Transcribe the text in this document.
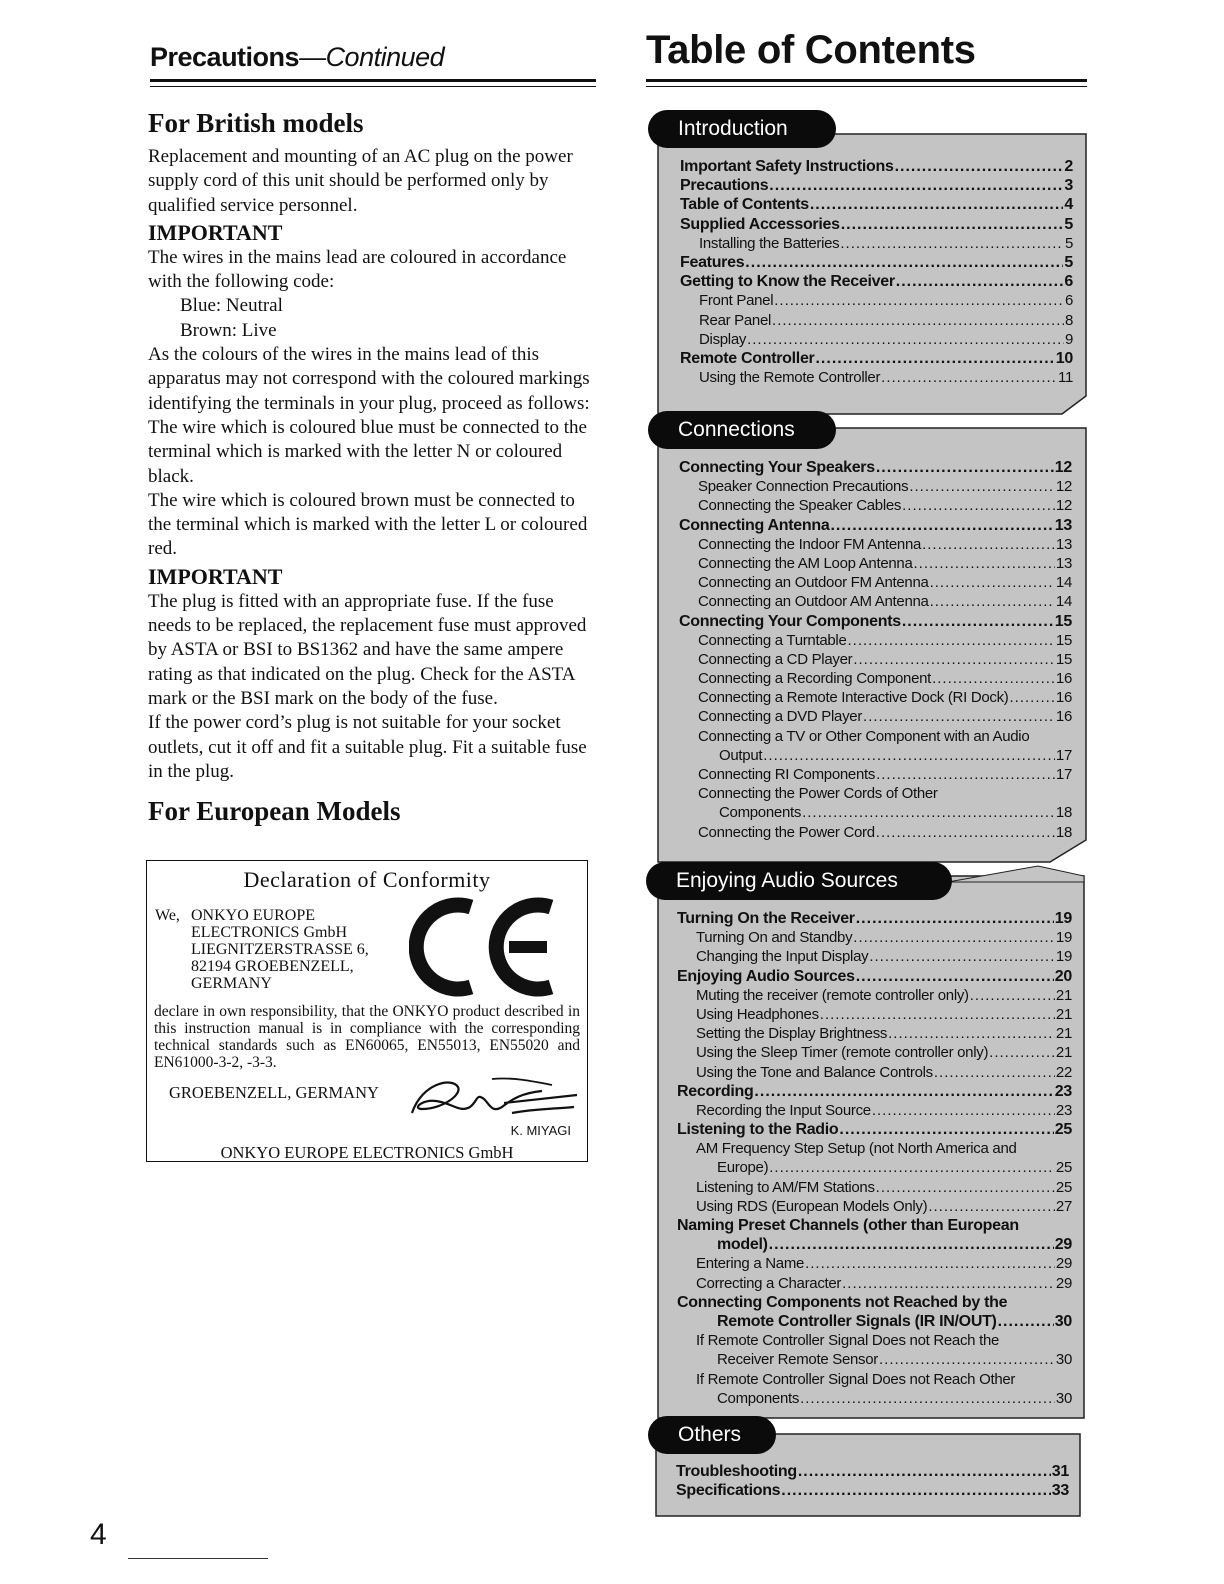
Precautions—Continued
For British models

Replacement and mounting of an AC plug on the power supply cord of this unit should be performed only by qualified service personnel.

IMPORTANT

The wires in the mains lead are coloured in accordance with the following code:

Blue: Neutral

Brown: Live

As the colours of the wires in the mains lead of this apparatus may not correspond with the coloured markings identifying the terminals in your plug, proceed as follows:

The wire which is coloured blue must be connected to the terminal which is marked with the letter N or coloured black.

The wire which is coloured brown must be connected to the terminal which is marked with the letter L or coloured red.

IMPORTANT

The plug is fitted with an appropriate fuse. If the fuse needs to be replaced, the replacement fuse must approved by ASTA or BSI to BS1362 and have the same ampere rating as that indicated on the plug. Check for the ASTA mark or the BSI mark on the body of the fuse.

If the power cord’s plug is not suitable for your socket outlets, cut it off and fit a suitable plug. Fit a suitable fuse in the plug.

For European Models
Declaration of Conformity
We, ONKYO EUROPE
ELECTRONICS GmbH
LIEGNITZERSTRASSE 6,
82194 GROEBENZELL,
GERMANY
declare in own responsibility, that the ONKYO product described in this instruction manual is in compliance with the corresponding technical standards such as EN60065, EN55013, EN55020 and EN61000-3-2, -3-3.
GROEBENZELL, GERMANY
K. MIYAGI
ONKYO EUROPE ELECTRONICS GmbH
4
Table of Contents
Introduction
Important Safety Instructions .....	2
Precautions .....	3
Table of Contents .....	4
Supplied Accessories .....	5
Installing the Batteries .....	5
Features .....	5
Getting to Know the Receiver .....	6
Front Panel .....	6
Rear Panel .....	8
Display .....	9
Remote Controller .....	10
Using the Remote Controller .....	11
Connections
Connecting Your Speakers .....	12
Speaker Connection Precautions .....	12
Connecting the Speaker Cables .....	12
Connecting Antenna .....	13
Connecting the Indoor FM Antenna .....	13
Connecting the AM Loop Antenna .....	13
Connecting an Outdoor FM Antenna .....	14
Connecting an Outdoor AM Antenna .....	14
Connecting Your Components .....	15
Connecting a Turntable .....	15
Connecting a CD Player .....	15
Connecting a Recording Component .....	16
Connecting a Remote Interactive Dock (RI Dock) .....	16
Connecting a DVD Player .....	16
Connecting a TV or Other Component with an Audio
Output .....	17
Connecting RI Components .....	17
Connecting the Power Cords of Other
Components .....	18
Connecting the Power Cord .....	18
Enjoying Audio Sources
Turning On the Receiver .....	19
Turning On and Standby .....	19
Changing the Input Display .....	19
Enjoying Audio Sources .....	20
Muting the receiver (remote controller only) .....	21
Using Headphones .....	21
Setting the Display Brightness .....	21
Using the Sleep Timer (remote controller only) .....	21
Using the Tone and Balance Controls .....	22
Recording .....	23
Recording the Input Source .....	23
Listening to the Radio .....	25
AM Frequency Step Setup (not North America and
Europe) .....	25
Listening to AM/FM Stations .....	25
Using RDS (European Models Only) .....	27
Naming Preset Channels (other than European
model) .....	29
Entering a Name .....	29
Correcting a Character .....	29
Connecting Components not Reached by the
Remote Controller Signals (IR IN/OUT) .....	30
If Remote Controller Signal Does not Reach the
Receiver Remote Sensor .....	30
If Remote Controller Signal Does not Reach Other
Components .....	30
Others
Troubleshooting .....	31
Specifications .....	33
